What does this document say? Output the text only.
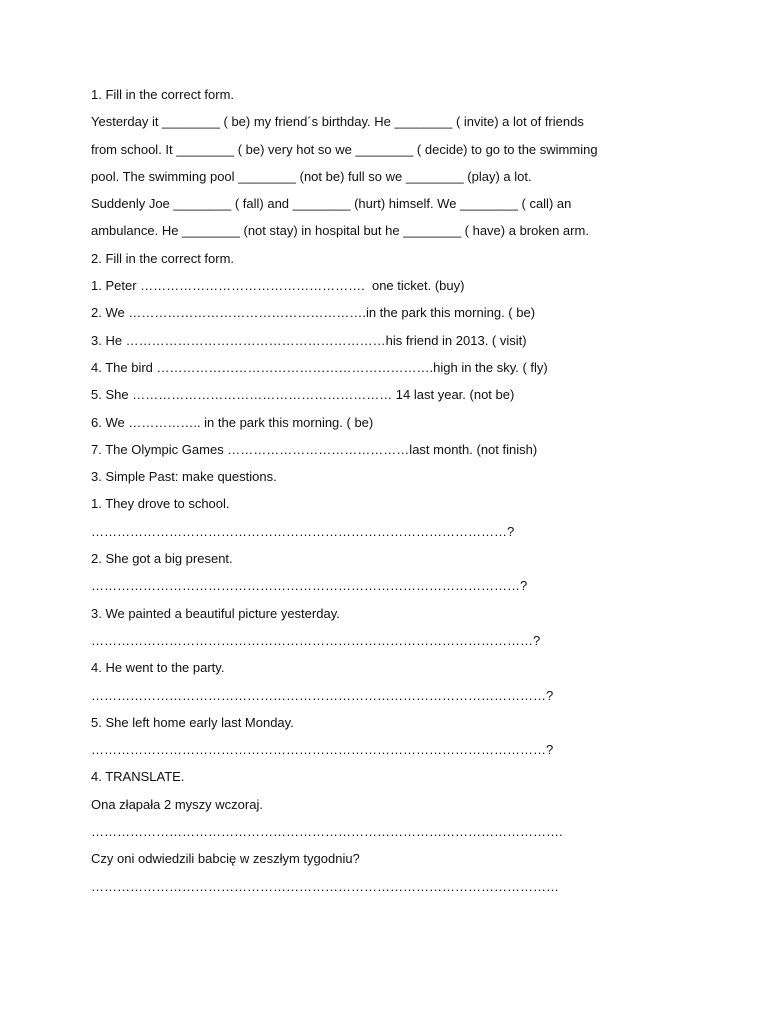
1. Fill in the correct form.
Yesterday it ________ ( be) my friend´s birthday. He ________ ( invite) a lot of friends
from school. It ________ ( be) very hot so we ________ ( decide) to go to the swimming
pool. The swimming pool ________ (not be) full so we ________ (play) a lot.
Suddenly Joe ________ ( fall) and ________ (hurt) himself. We ________ ( call) an
ambulance. He ________ (not stay) in hospital but he ________ ( have) a broken arm.
2. Fill in the correct form.
1. Peter …………………………………………….  one ticket. (buy)
2. We ……………………………………………….in the park this morning. ( be)
3. He ……………………………………………………his friend in 2013. ( visit)
4. The bird ……………………………………………………….high in the sky. ( fly)
5. She …………………………………………………… 14 last year. (not be)
6. We …………….. in the park this morning. ( be)
7. The Olympic Games ……………………………………last month. (not finish)
3. Simple Past: make questions.
1. They drove to school.
……………………………………………………………………………………?
2. She got a big present.
………………………………………………………………………………………?
3. We painted a beautiful picture yesterday.
…………………………………………………………………………………………?
4. He went to the party.
……………………………………………………………………………………………?
5. She left home early last Monday.
……………………………………………………………………………………………?
4. TRANSLATE.
Ona złapała 2 myszy wczoraj.
……………………………………………………………………………………………….
Czy oni odwiedzili babcię w zeszłym tygodniu?
………………………………………………………………………………………………
